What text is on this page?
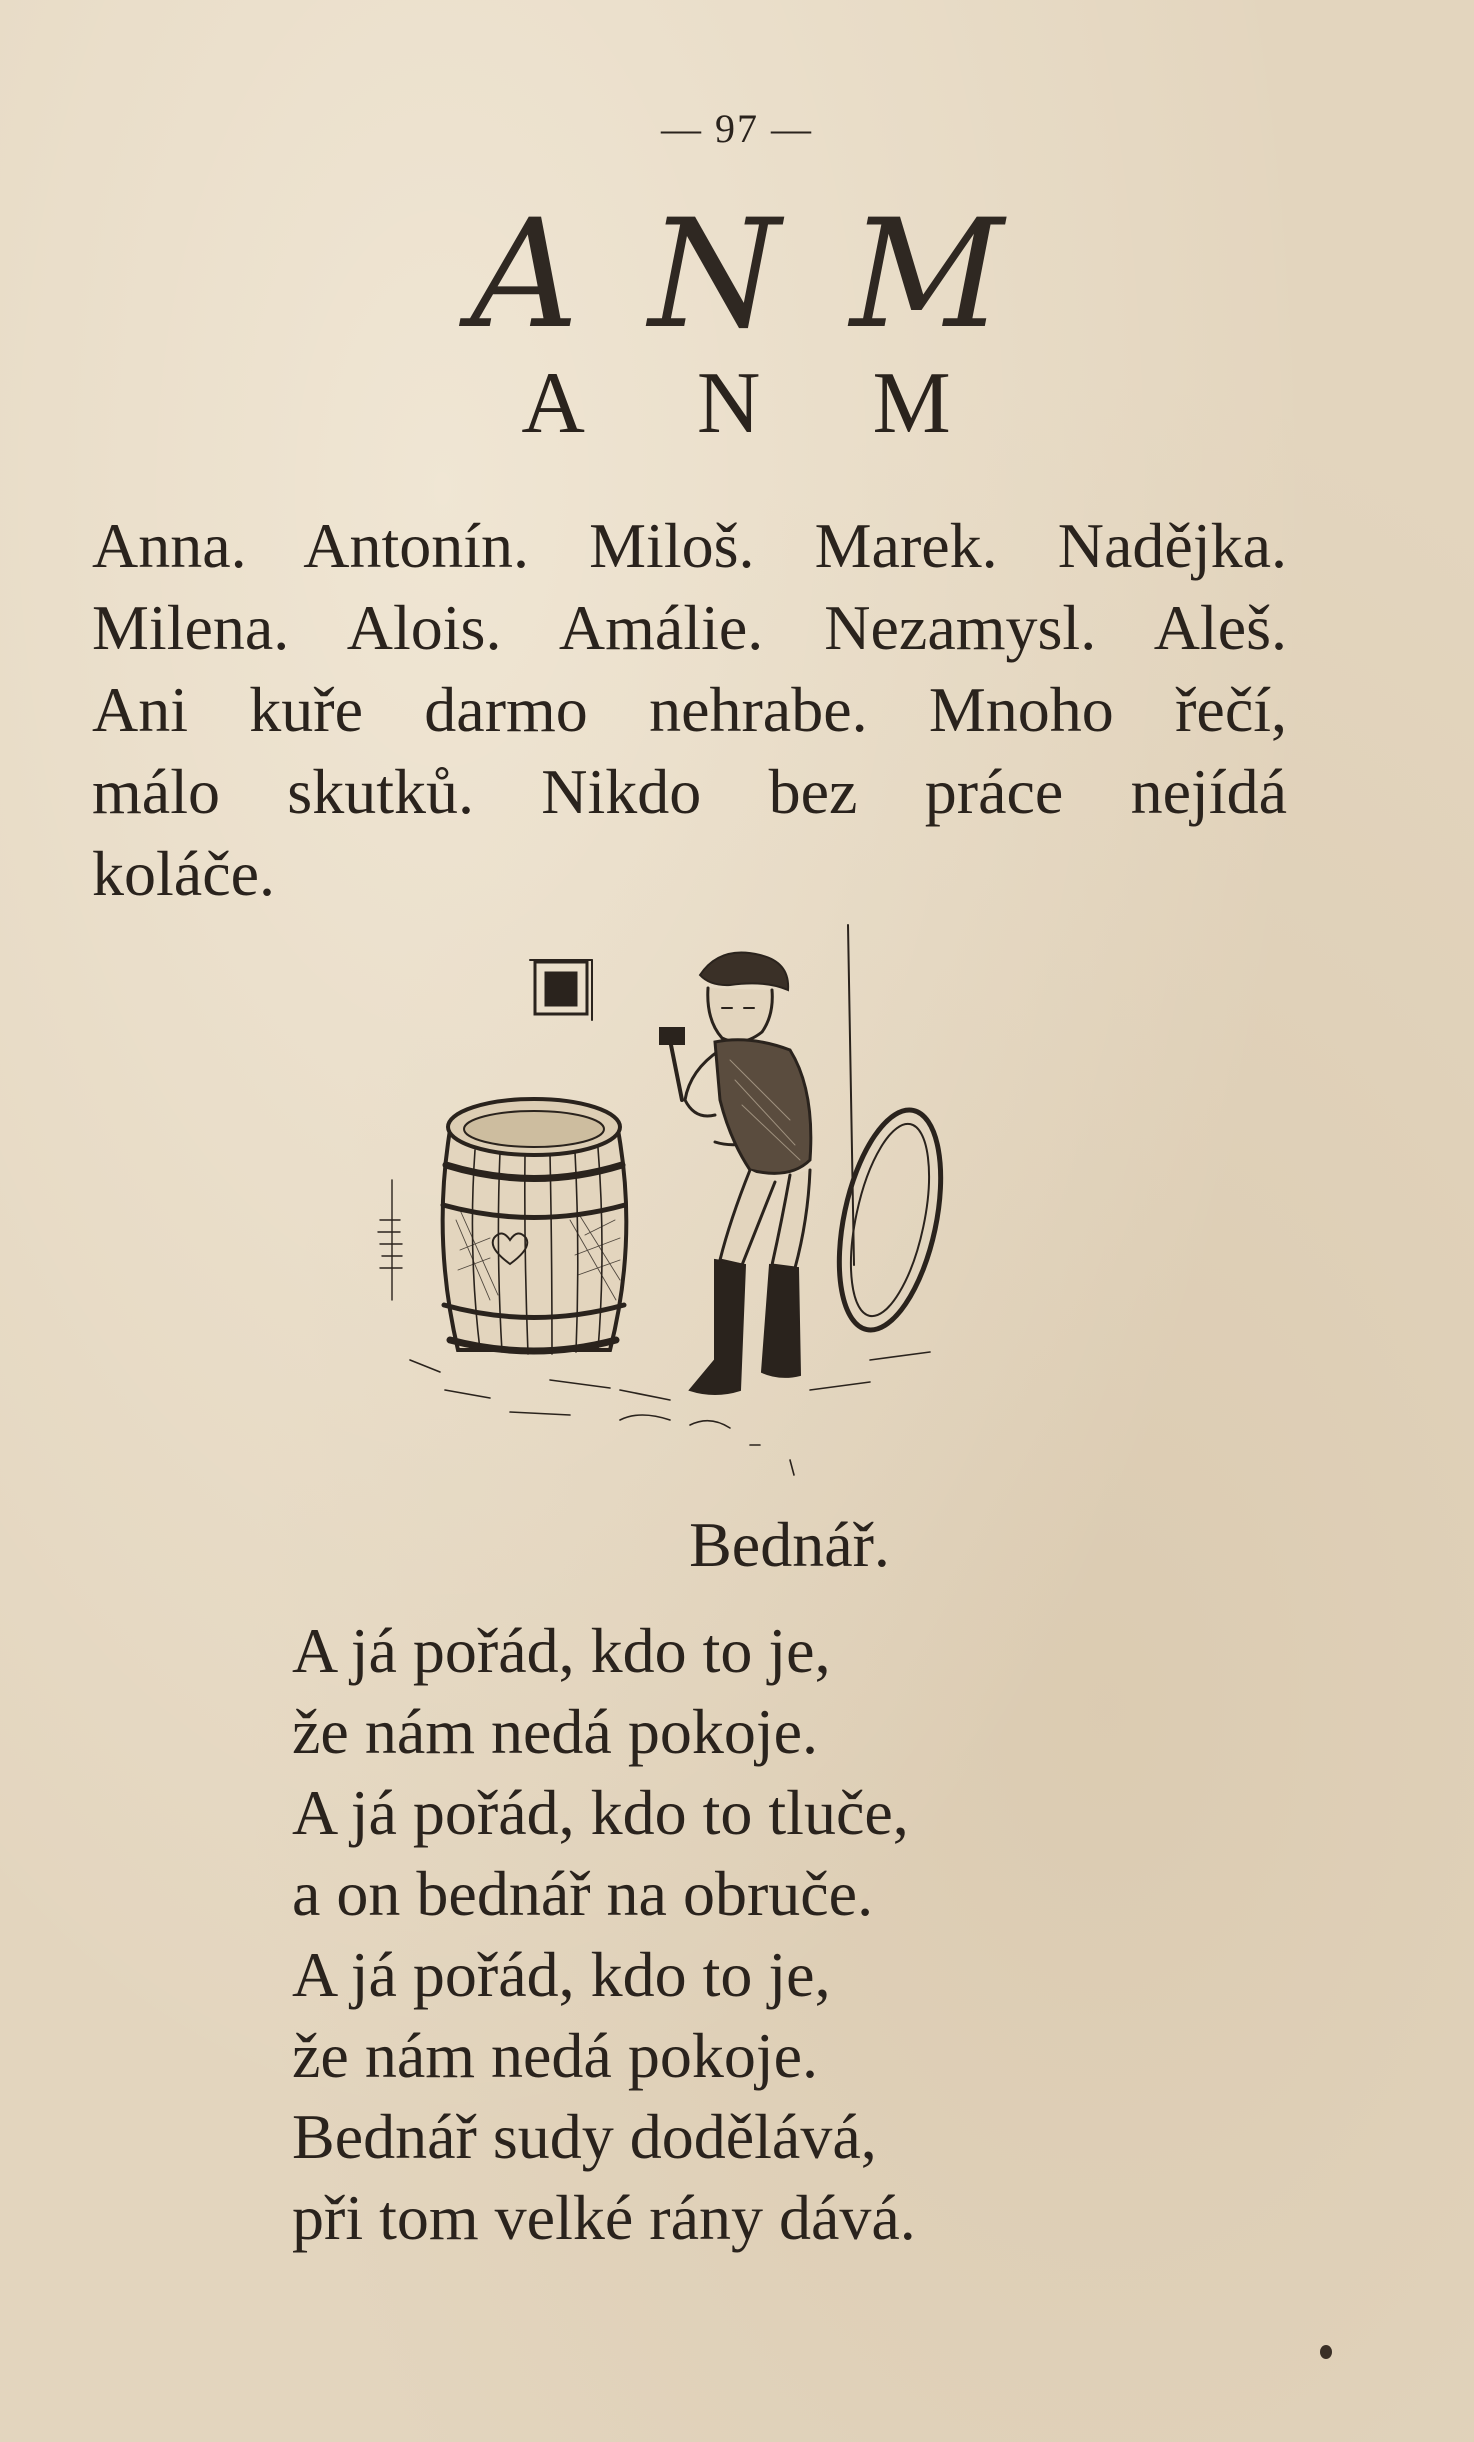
— 97 —
A N M
A N M
Anna. Antonín. Miloš. Marek. Nadějka.
Milena. Alois. Amálie. Nezamysl. Aleš.
Ani kuře darmo nehrabe. Mnoho řečí,
málo skutků. Nikdo bez práce nejídá
koláče.
Bednář.
A já pořád, kdo to je,
že nám nedá pokoje.
A já pořád, kdo to tluče,
a on bednář na obruče.
A já pořád, kdo to je,
že nám nedá pokoje.
Bednář sudy dodělává,
při tom velké rány dává.
